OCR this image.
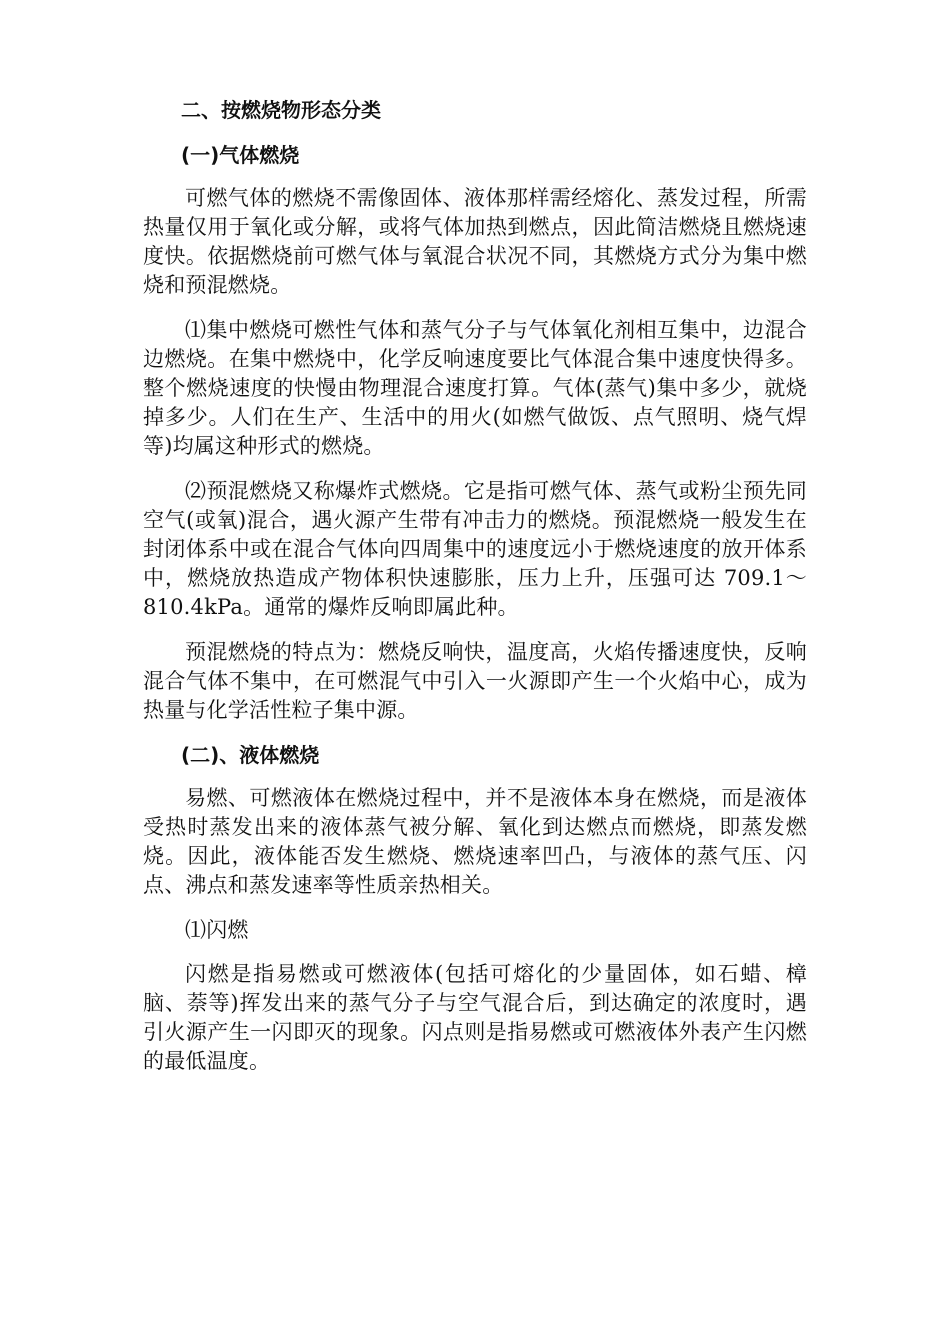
二、按燃烧物形态分类
(一)气体燃烧

可燃气体的燃烧不需像固体、液体那样需经熔化、蒸发过程，所需热量仅用于氧化或分解，或将气体加热到燃点，因此简洁燃烧且燃烧速度快。依据燃烧前可燃气体与氧混合状况不同，其燃烧方式分为集中燃烧和预混燃烧。

⑴集中燃烧可燃性气体和蒸气分子与气体氧化剂相互集中，边混合边燃烧。在集中燃烧中，化学反响速度要比气体混合集中速度快得多。整个燃烧速度的快慢由物理混合速度打算。气体(蒸气)集中多少，就烧掉多少。人们在生产、生活中的用火(如燃气做饭、点气照明、烧气焊等)均属这种形式的燃烧。

⑵预混燃烧又称爆炸式燃烧。它是指可燃气体、蒸气或粉尘预先同空气(或氧)混合，遇火源产生带有冲击力的燃烧。预混燃烧一般发生在封闭体系中或在混合气体向四周集中的速度远小于燃烧速度的放开体系中，燃烧放热造成产物体积快速膨胀，压力上升，压强可达 709.1～810.4kPa。通常的爆炸反响即属此种。

预混燃烧的特点为：燃烧反响快，温度高，火焰传播速度快，反响混合气体不集中，在可燃混气中引入一火源即产生一个火焰中心，成为热量与化学活性粒子集中源。

(二)、液体燃烧

易燃、可燃液体在燃烧过程中，并不是液体本身在燃烧，而是液体受热时蒸发出来的液体蒸气被分解、氧化到达燃点而燃烧，即蒸发燃烧。因此，液体能否发生燃烧、燃烧速率凹凸，与液体的蒸气压、闪点、沸点和蒸发速率等性质亲热相关。

⑴闪燃

闪燃是指易燃或可燃液体(包括可熔化的少量固体，如石蜡、樟脑、萘等)挥发出来的蒸气分子与空气混合后，到达确定的浓度时，遇引火源产生一闪即灭的现象。闪点则是指易燃或可燃液体外表产生闪燃的最低温度。
